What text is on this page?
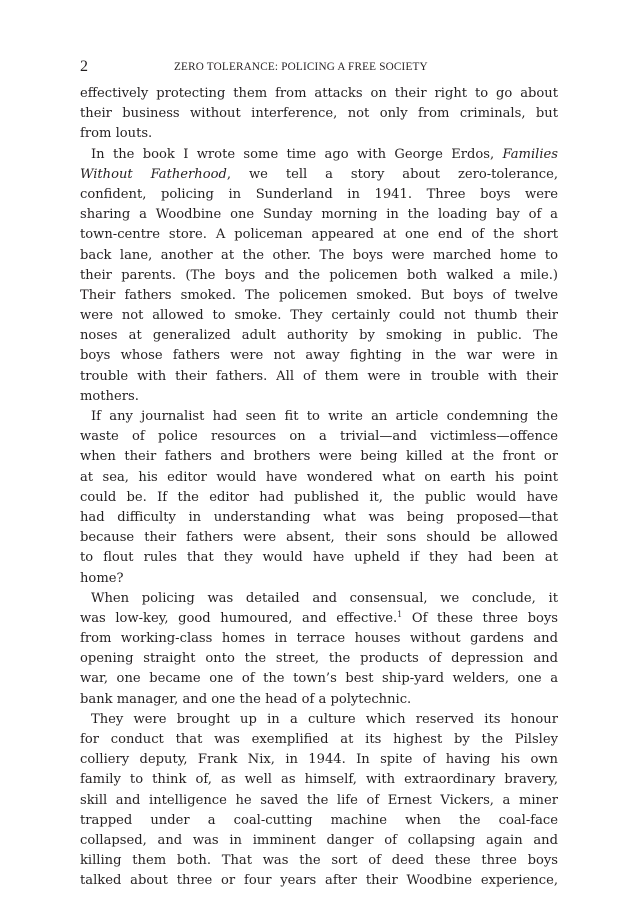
2	ZERO TOLERANCE: POLICING A FREE SOCIETY

effectively protecting them from attacks on their right to go about
their business without interference, not only from criminals, but
from louts.

In the book I wrote some time ago with George Erdos, Families
Without Fatherhood, we tell a story about zero-tolerance,
confident, policing in Sunderland in 1941. Three boys were
sharing a Woodbine one Sunday morning in the loading bay of a
town-centre store. A policeman appeared at one end of the short
back lane, another at the other. The boys were marched home to
their parents. (The boys and the policemen both walked a mile.)
Their fathers smoked. The policemen smoked. But boys of twelve
were not allowed to smoke. They certainly could not thumb their
noses at generalized adult authority by smoking in public. The
boys whose fathers were not away fighting in the war were in
trouble with their fathers. All of them were in trouble with their
mothers.

If any journalist had seen fit to write an article condemning the
waste of police resources on a trivial—and victimless—offence
when their fathers and brothers were being killed at the front or
at sea, his editor would have wondered what on earth his point
could be. If the editor had published it, the public would have
had difficulty in understanding what was being proposed—that
because their fathers were absent, their sons should be allowed
to flout rules that they would have upheld if they had been at
home?

When policing was detailed and consensual, we conclude, it
was low-key, good humoured, and effective.$^1$ Of these three boys
from working-class homes in terrace houses without gardens and
opening straight onto the street, the products of depression and
war, one became one of the town’s best ship-yard welders, one a
bank manager, and one the head of a polytechnic.

They were brought up in a culture which reserved its honour
for conduct that was exemplified at its highest by the Pilsley
colliery deputy, Frank Nix, in 1944. In spite of having his own
family to think of, as well as himself, with extraordinary bravery,
skill and intelligence he saved the life of Ernest Vickers, a miner
trapped under a coal-cutting machine when the coal-face
collapsed, and was in imminent danger of collapsing again and
killing them both. That was the sort of deed these three boys
talked about three or four years after their Woodbine experience,
